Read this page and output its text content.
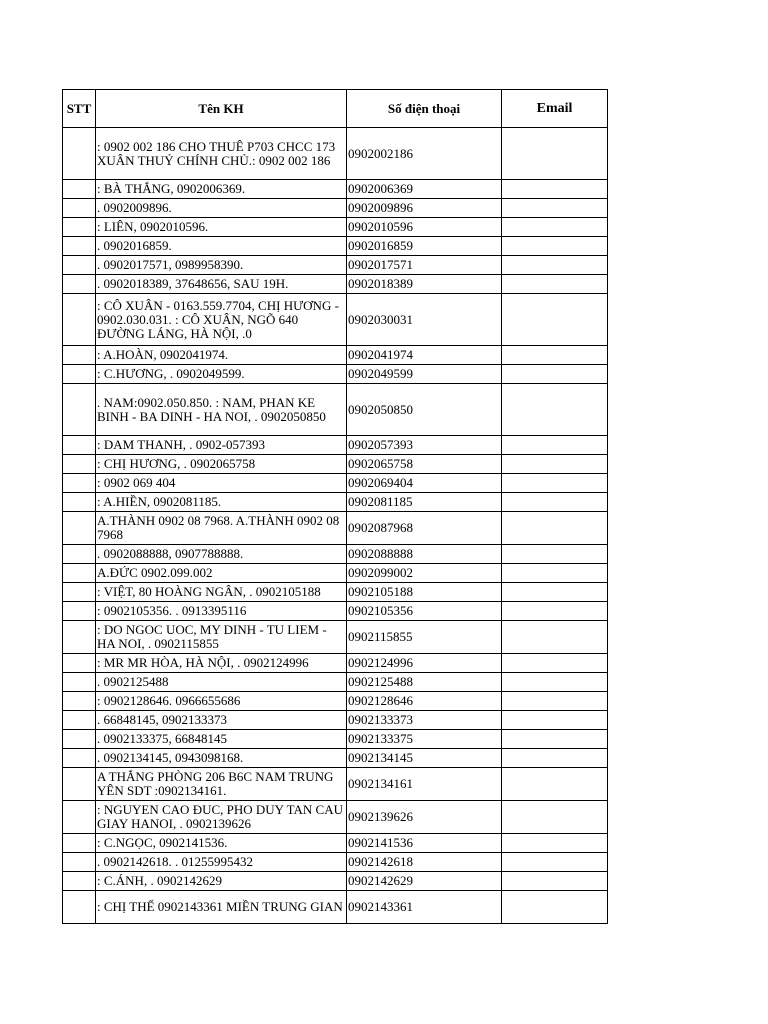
STT	Tên KH	Số điện thoại	Email
	: 0902 002 186 CHO THUÊ P703 CHCC 173 XUÂN THUỶ CHÍNH CHỦ.: 0902 002 186	0902002186	
	: BÀ THẮNG, 0902006369.	0902006369	
	. 0902009896.	0902009896	
	: LIÊN, 0902010596.	0902010596	
	. 0902016859.	0902016859	
	. 0902017571, 0989958390.	0902017571	
	. 0902018389, 37648656, SAU 19H.	0902018389	
	: CÔ XUÂN - 0163.559.7704, CHỊ HƯƠNG - 0902.030.031. : CÔ XUÂN, NGÕ 640 ĐƯỜNG LÁNG, HÀ NỘI, .0	0902030031	
	: A.HOÀN, 0902041974.	0902041974	
	: C.HƯƠNG, . 0902049599.	0902049599	
	. NAM:0902.050.850. : NAM, PHAN KE BINH - BA DINH - HA NOI, . 0902050850	0902050850	
	: DAM THANH, . 0902-057393	0902057393	
	: CHỊ HƯƠNG, . 0902065758	0902065758	
	: 0902 069 404	0902069404	
	: A.HIỀN, 0902081185.	0902081185	
	A.THÀNH 0902 08 7968. A.THÀNH 0902 08 7968	0902087968	
	. 0902088888, 0907788888.	0902088888	
	A.ĐỨC 0902.099.002	0902099002	
	: VIỆT, 80 HOÀNG NGÂN, . 0902105188	0902105188	
	: 0902105356. . 0913395116	0902105356	
	: DO NGOC UOC, MY DINH - TU LIEM - HA NOI, . 0902115855	0902115855	
	: MR MR HÒA, HÀ NỘI, . 0902124996	0902124996	
	. 0902125488	0902125488	
	: 0902128646. 0966655686	0902128646	
	. 66848145, 0902133373	0902133373	
	. 0902133375, 66848145	0902133375	
	. 0902134145, 0943098168.	0902134145	
	A THẮNG PHÒNG 206 B6C NAM TRUNG YÊN SDT :0902134161.	0902134161	
	: NGUYEN CAO ĐUC, PHO DUY TAN CAU GIAY HANOI, . 0902139626	0902139626	
	: C.NGỌC, 0902141536.	0902141536	
	. 0902142618. . 01255995432	0902142618	
	: C.ÁNH, . 0902142629	0902142629	
	: CHỊ THẾ 0902143361 MIỀN TRUNG GIAN	0902143361	
